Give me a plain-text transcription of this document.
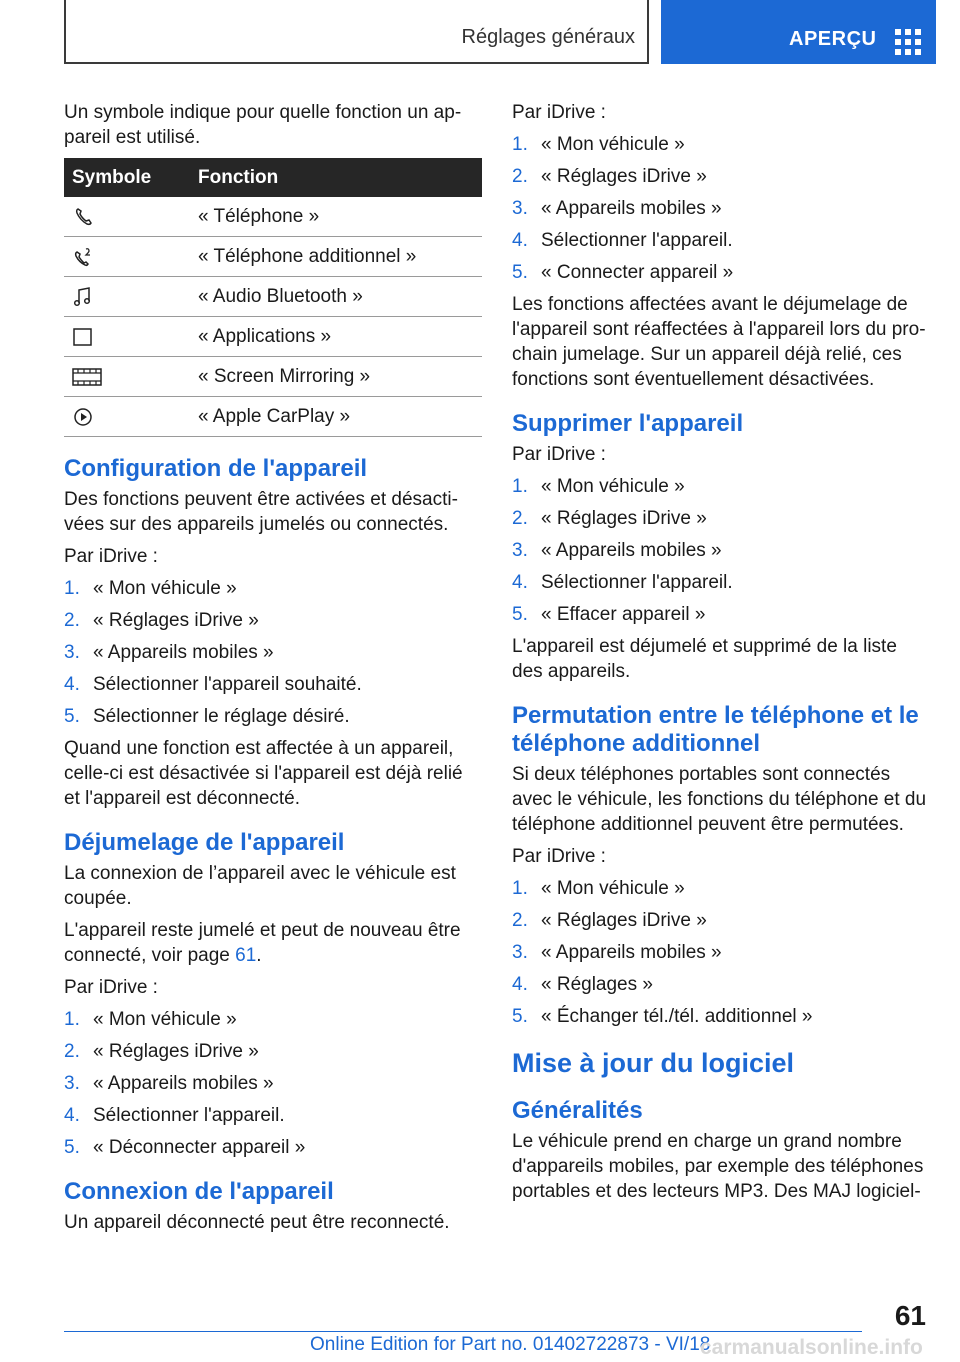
Réglages généraux	APERÇU

Un symbole indique pour quelle fonction un appareil est utilisé.

Symbole	Fonction
	« Téléphone »
	« Téléphone additionnel »
	« Audio Bluetooth »
	« Applications »
	« Screen Mirroring »
	« Apple CarPlay »
Configuration de l'appareil

Des fonctions peuvent être activées et désactivées sur des appareils jumelés ou connectés.

Par iDrive :

1. « Mon véhicule »
2. « Réglages iDrive »
3. « Appareils mobiles »
4. Sélectionner l'appareil souhaité.
5. Sélectionner le réglage désiré.

Quand une fonction est affectée à un appareil, celle-ci est désactivée si l'appareil est déjà relié et l'appareil est déconnecté.

Déjumelage de l'appareil

La connexion de l’appareil avec le véhicule est coupée.

L'appareil reste jumelé et peut de nouveau être connecté, voir page 61.

Par iDrive :

1. « Mon véhicule »
2. « Réglages iDrive »
3. « Appareils mobiles »
4. Sélectionner l'appareil.
5. « Déconnecter appareil »
Connexion de l'appareil

Un appareil déconnecté peut être reconnecté.

Par iDrive :

1. « Mon véhicule »
2. « Réglages iDrive »
3. « Appareils mobiles »
4. Sélectionner l'appareil.
5. « Connecter appareil »

Les fonctions affectées avant le déjumelage de l'appareil sont réaffectées à l'appareil lors du prochain jumelage. Sur un appareil déjà relié, ces fonctions sont éventuellement désactivées.

Supprimer l'appareil

Par iDrive :

1. « Mon véhicule »
2. « Réglages iDrive »
3. « Appareils mobiles »
4. Sélectionner l'appareil.
5. « Effacer appareil »

L'appareil est déjumelé et supprimé de la liste des appareils.

Permutation entre le téléphone et le téléphone additionnel

Si deux téléphones portables sont connectés avec le véhicule, les fonctions du téléphone et du téléphone additionnel peuvent être permutées.

Par iDrive :

1. « Mon véhicule »
2. « Réglages iDrive »
3. « Appareils mobiles »
4. « Réglages »
5. « Échanger tél./tél. additionnel »
Mise à jour du logiciel
Généralités

Le véhicule prend en charge un grand nombre d'appareils mobiles, par exemple des téléphones portables et des lecteurs MP3. Des MAJ logiciel-

61
Online Edition for Part no. 01402722873 - VI/18
carmanualsonline.info
